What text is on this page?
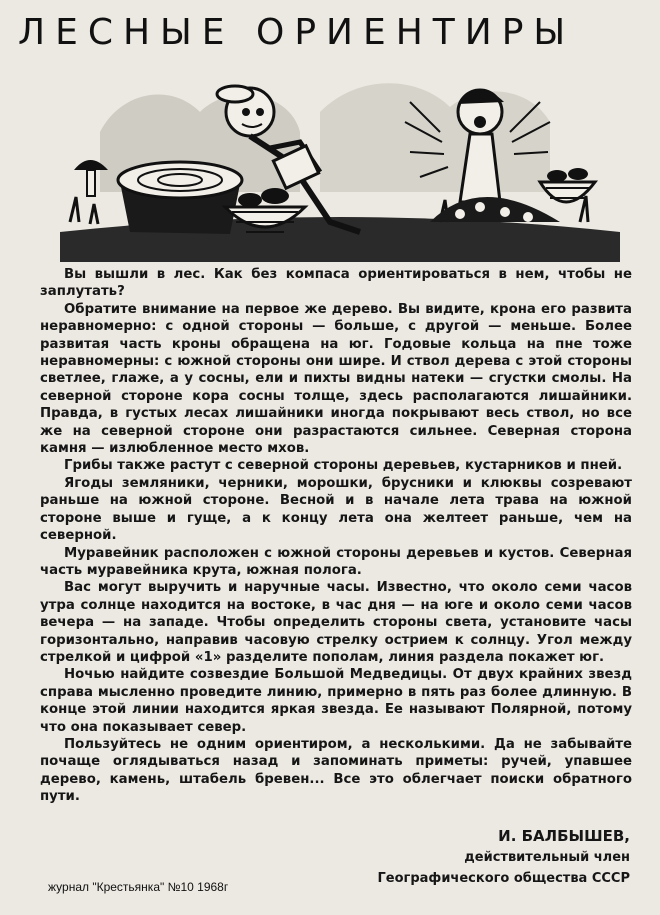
ЛЕСНЫЕ ОРИЕНТИРЫ

Вы вышли в лес. Как без компаса ориентироваться в нем, чтобы не заплутать?

Обратите внимание на первое же дерево. Вы видите, крона его развита неравномерно: с одной стороны — больше, с другой — меньше. Более развитая часть кроны обращена на юг. Годовые кольца на пне тоже неравномерны: с южной стороны они шире. И ствол дерева с этой стороны светлее, глаже, а у сосны, ели и пихты видны натеки — сгустки смолы. На северной стороне кора сосны толще, здесь располагаются лишайники. Правда, в густых лесах лишайники иногда покрывают весь ствол, но все же на северной стороне они разрастаются сильнее. Северная сторона камня — излюбленное место мхов.

Грибы также растут с северной стороны деревьев, кустарников и пней.

Ягоды земляники, черники, морошки, брусники и клюквы созревают раньше на южной стороне. Весной и в начале лета трава на южной стороне выше и гуще, а к концу лета она желтеет раньше, чем на северной.

Муравейник расположен с южной стороны деревьев и кустов. Северная часть муравейника крута, южная полога.

Вас могут выручить и наручные часы. Известно, что около семи часов утра солнце находится на востоке, в час дня — на юге и около семи часов вечера — на западе. Чтобы определить стороны света, установите часы горизонтально, направив часовую стрелку острием к солнцу. Угол между стрелкой и цифрой «1» разделите пополам, линия раздела покажет юг.

Ночью найдите созвездие Большой Медведицы. От двух крайних звезд справа мысленно проведите линию, примерно в пять раз более длинную. В конце этой линии находится яркая звезда. Ее называют Полярной, потому что она показывает север.

Пользуйтесь не одним ориентиром, а несколькими. Да не забывайте почаще оглядываться назад и запоминать приметы: ручей, упавшее дерево, камень, штабель бревен... Все это облегчает поиски обратного пути.

И. БАЛБЫШЕВ,
действительный член
Географического общества СССР
журнал "Крестьянка" №10 1968г
